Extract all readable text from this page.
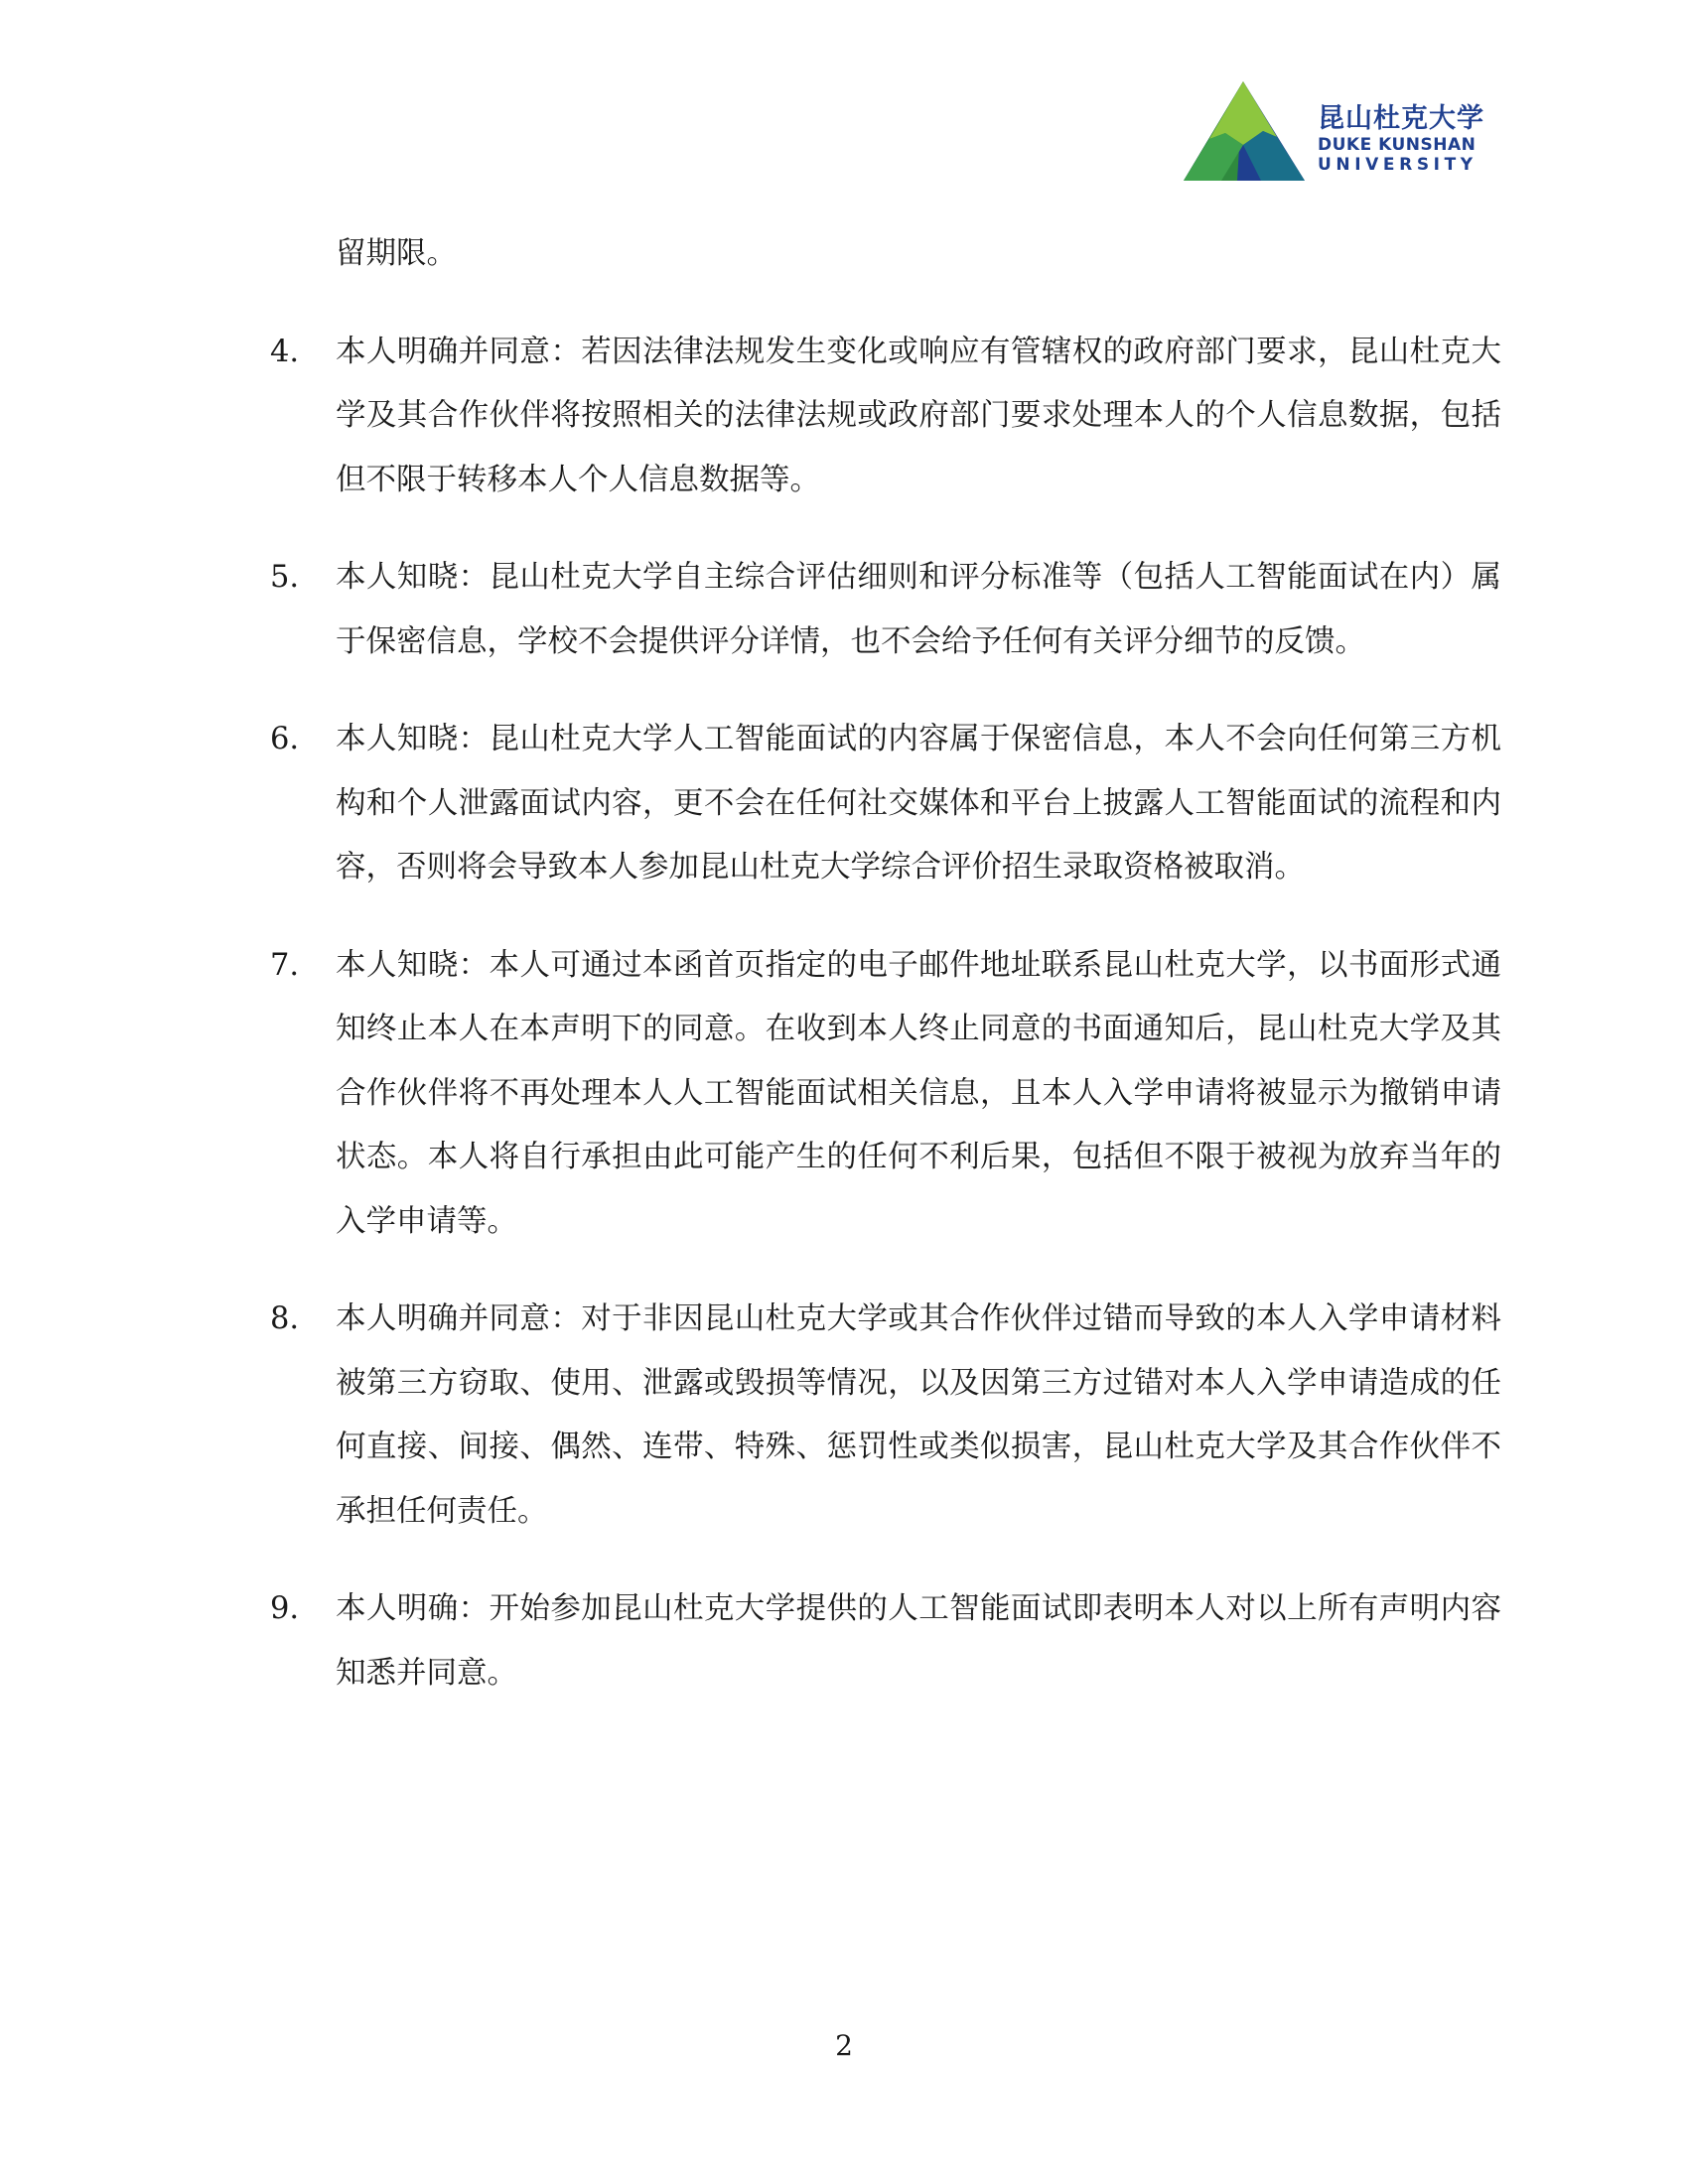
昆山杜克大学
DUKE KUNSHAN
UNIVERSITY

留期限。

4. 本人明确并同意：若因法律法规发生变化或响应有管辖权的政府部门要求，昆山杜克大学及其合作伙伴将按照相关的法律法规或政府部门要求处理本人的个人信息数据，包括但不限于转移本人个人信息数据等。
5. 本人知晓：昆山杜克大学自主综合评估细则和评分标准等（包括人工智能面试在内）属于保密信息，学校不会提供评分详情，也不会给予任何有关评分细节的反馈。
6. 本人知晓：昆山杜克大学人工智能面试的内容属于保密信息，本人不会向任何第三方机构和个人泄露面试内容，更不会在任何社交媒体和平台上披露人工智能面试的流程和内容，否则将会导致本人参加昆山杜克大学综合评价招生录取资格被取消。
7. 本人知晓：本人可通过本函首页指定的电子邮件地址联系昆山杜克大学，以书面形式通知终止本人在本声明下的同意。在收到本人终止同意的书面通知后，昆山杜克大学及其合作伙伴将不再处理本人人工智能面试相关信息，且本人入学申请将被显示为撤销申请状态。本人将自行承担由此可能产生的任何不利后果，包括但不限于被视为放弃当年的入学申请等。
8. 本人明确并同意：对于非因昆山杜克大学或其合作伙伴过错而导致的本人入学申请材料被第三方窃取、使用、泄露或毁损等情况，以及因第三方过错对本人入学申请造成的任何直接、间接、偶然、连带、特殊、惩罚性或类似损害，昆山杜克大学及其合作伙伴不承担任何责任。
9. 本人明确：开始参加昆山杜克大学提供的人工智能面试即表明本人对以上所有声明内容知悉并同意。
2
